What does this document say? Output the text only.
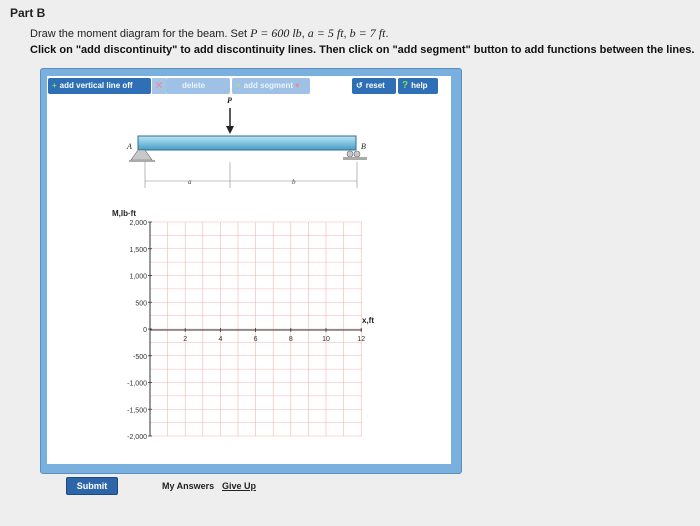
Part B
Draw the moment diagram for the beam. Set P = 600 lb, a = 5 ft, b = 7 ft.
Click on "add discontinuity" to add discontinuity lines. Then click on "add segment" button to add functions between the lines.
+ add vertical line off	✕	delete	+ add segment ▾	↺ reset	? help
P
A	B
a	b
M,lb·ft
x,ft
2,000
1,500
1,000
500
0
-500
-1,000
-1,500
-2,000
2	4	6	8	10	12
Submit	My Answers Give Up
